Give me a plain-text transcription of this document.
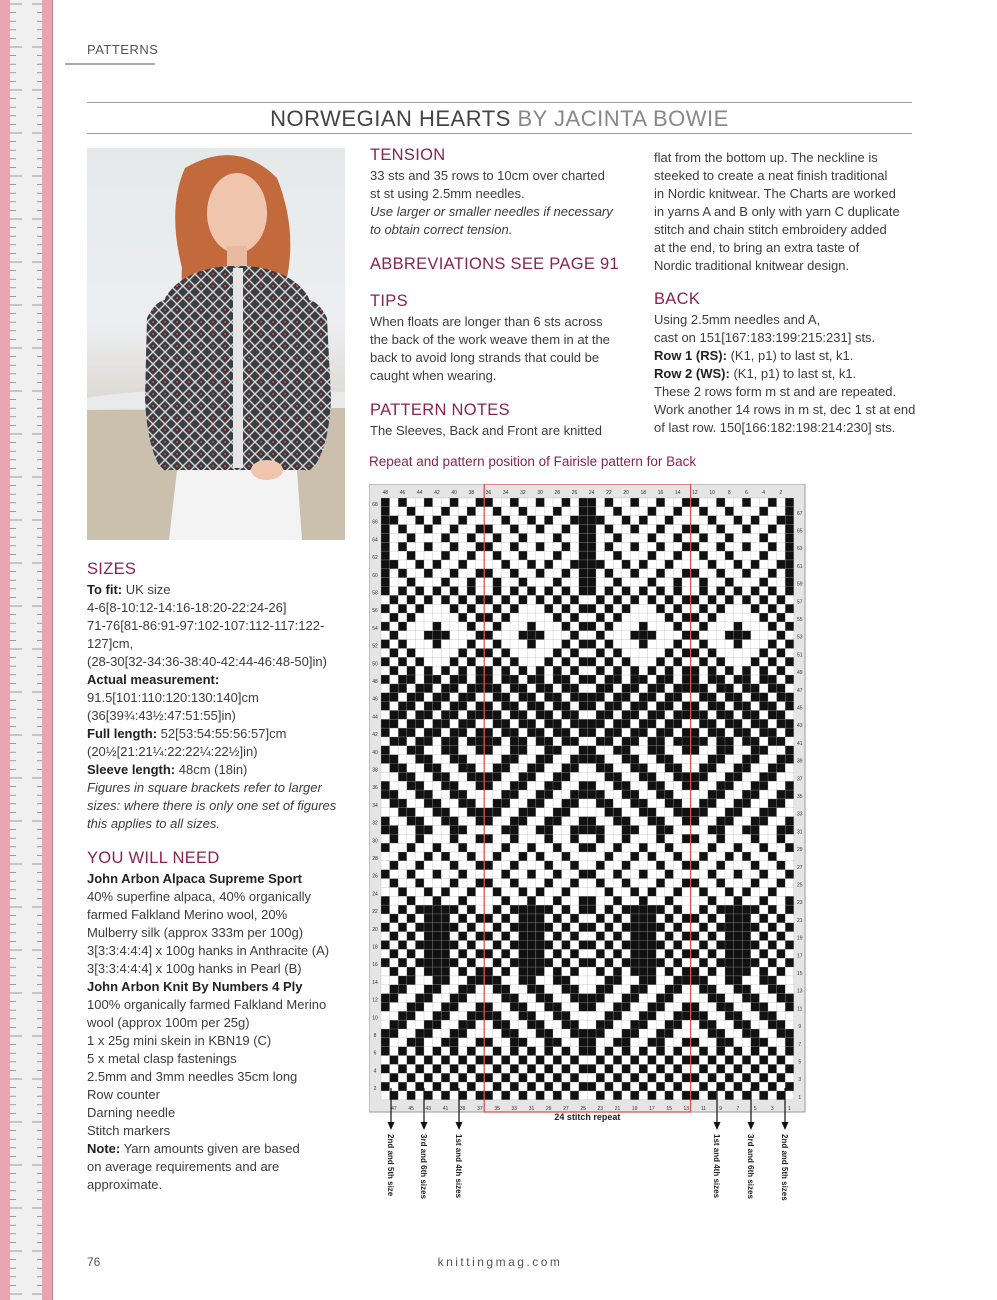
PATTERNS
NORWEGIAN HEARTS BY JACINTA BOWIE
TENSION
33 sts and 35 rows to 10cm over charted
st st using 2.5mm needles.
Use larger or smaller needles if necessary
to obtain correct tension.
ABBREVIATIONS SEE PAGE 91
TIPS
When floats are longer than 6 sts across
the back of the work weave them in at the
back to avoid long strands that could be
caught when wearing.
PATTERN NOTES
The Sleeves, Back and Front are knitted
flat from the bottom up. The neckline is
steeked to create a neat finish traditional
in Nordic knitwear. The Charts are worked
in yarns A and B only with yarn C duplicate
stitch and chain stitch embroidery added
at the end, to bring an extra taste of
Nordic traditional knitwear design.
BACK
Using 2.5mm needles and A,
cast on 151[167:183:199:215:231] sts.
Row 1 (RS): (K1, p1) to last st, k1.
Row 2 (WS): (K1, p1) to last st, k1.
These 2 rows form m st and are repeated.
Work another 14 rows in m st, dec 1 st at end
of last row. 150[166:182:198:214:230] sts.
SIZES
To fit: UK size
4-6[8-10:12-14:16-18:20-22:24-26]
71-76[81-86:91-97:102-107:112-117:122-127]cm,
(28-30[32-34:36-38:40-42:44-46:48-50]in)
Actual measurement:
91.5[101:110:120:130:140]cm
(36[39¾:43½:47:51:55]in)
Full length: 52[53:54:55:56:57]cm
(20½[21:21¼:22:22¼:22½]in)
Sleeve length: 48cm (18in)
Figures in square brackets refer to larger
sizes: where there is only one set of figures
this applies to all sizes.
YOU WILL NEED
John Arbon Alpaca Supreme Sport
40% superfine alpaca, 40% organically
farmed Falkland Merino wool, 20%
Mulberry silk (approx 333m per 100g)
3[3:3:4:4:4] x 100g hanks in Anthracite (A)
3[3:3:4:4:4] x 100g hanks in Pearl (B)
John Arbon Knit By Numbers 4 Ply
100% organically farmed Falkland Merino
wool (approx 100m per 25g)
1 x 25g mini skein in KBN19 (C)
5 x metal clasp fastenings
2.5mm and 3mm needles 35cm long
Row counter
Darning needle
Stitch markers
Note: Yarn amounts given are based
on average requirements and are
approximate.
Repeat and pattern position of Fairisle pattern for Back
48 46 44 42 40 38 36 34 32 30 28 26 24 22 20 18 16 14 12 10	8	6	4	2
47 45 43 41 39 37 35 33 31 29 27 25 23 21 19 17 15 13 11	9	7	5	3	1
68
66
64
62
60
58
56
54
52
50
48
46
44
42
40
38
36
34
32
30
28
26
24
22
20
18
16
14
12
10
8
6
4
2
67
65
63
61
59
57
55
53
51
49
47
45
43
41
39
37
35
33
31
29
27
25
23
21
19
17
15
13
11
9
7
5
3
1
24 stitch repeat
2nd and 5th size	3rd and 6th sizes	1st and 4th sizes	1st and 4th sizes	3rd and 6th sizes	2nd and 5th sizes
76	knittingmag.com
